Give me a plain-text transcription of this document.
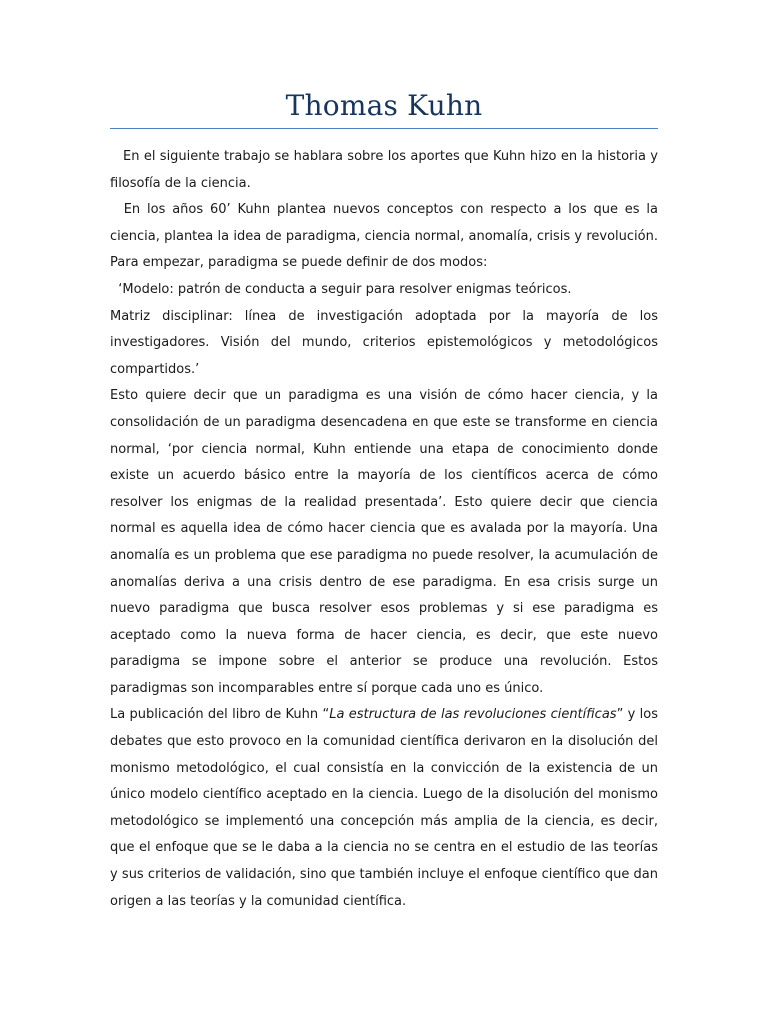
Thomas Kuhn

En el siguiente trabajo se hablara sobre los aportes que Kuhn hizo en la historia y filosofía de la ciencia.

En los años 60’ Kuhn plantea nuevos conceptos con respecto a los que es la ciencia, plantea la idea de paradigma, ciencia normal, anomalía, crisis y revolución. Para empezar, paradigma se puede definir de dos modos:

‘Modelo: patrón de conducta a seguir para resolver enigmas teóricos.

Matriz disciplinar: línea de investigación adoptada por la mayoría de los investigadores. Visión del mundo, criterios epistemológicos y metodológicos compartidos.’

Esto quiere decir que un paradigma es una visión de cómo hacer ciencia, y la consolidación de un paradigma desencadena en que este se transforme en ciencia normal, ‘por ciencia normal, Kuhn entiende una etapa de conocimiento donde existe un acuerdo básico entre la mayoría de los científicos acerca de cómo resolver los enigmas de la realidad presentada’. Esto quiere decir que ciencia normal es aquella idea de cómo hacer ciencia que es avalada por la mayoría. Una anomalía es un problema que ese paradigma no puede resolver, la acumulación de anomalías deriva a una crisis dentro de ese paradigma. En esa crisis surge un nuevo paradigma que busca resolver esos problemas y si ese paradigma es aceptado como la nueva forma de hacer ciencia, es decir, que este nuevo paradigma se impone sobre el anterior se produce una revolución. Estos paradigmas son incomparables entre sí porque cada uno es único.

La publicación del libro de Kuhn “La estructura de las revoluciones científicas” y los debates que esto provoco en la comunidad científica derivaron en la disolución del monismo metodológico, el cual consistía en la convicción de la existencia de un único modelo científico aceptado en la ciencia. Luego de la disolución del monismo metodológico se implementó una concepción más amplia de la ciencia, es decir, que el enfoque que se le daba a la ciencia no se centra en el estudio de las teorías y sus criterios de validación, sino que también incluye el enfoque científico que dan origen a las teorías y la comunidad científica.
